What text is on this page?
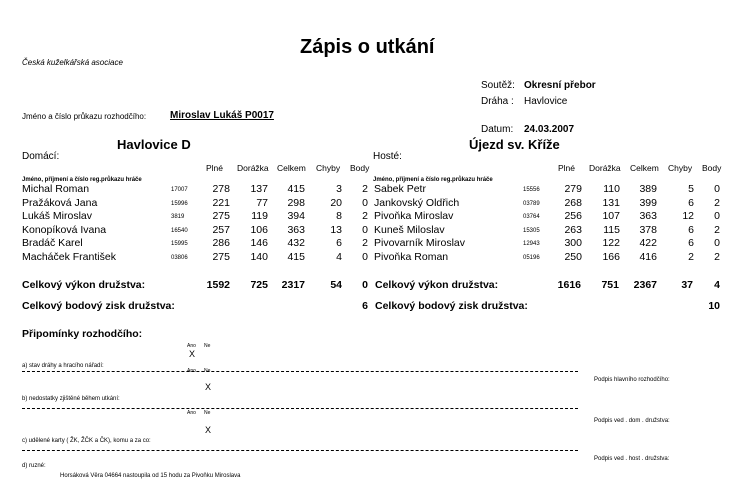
Zápis o utkání
Česká kuželkářská asociace
Soutěž: Okresní přebor
Dráha : Havlovice
Jméno a číslo průkazu rozhodčího: Miroslav Lukáš P0017
Datum: 24.03.2007
Havlovice D	Újezd sv. Kříže
Domácí:	Hosté:
Plné Dorážka Celkem Chyby Body	Plné Dorážka Celkem Chyby Body
Jméno, příjmení a číslo reg.průkazu hráče	Jméno, příjmení a číslo reg.průkazu hráče
Michal Roman	17007	278	137	415	3	2
Pražáková Jana	15996	221	77	298	20	0
Lukáš Miroslav	3819	275	119	394	8	2
Konopíková Ivana	16540	257	106	363	13	0
Bradáč Karel	15995	286	146	432	6	2
Macháček František	03806	275	140	415	4	0
Sabek Petr	15556	279	110	389	5	0
Jankovský Oldřich	03789	268	131	399	6	2
Pivoňka Miroslav	03764	256	107	363	12	0
Kuneš Miloslav	15305	263	115	378	6	2
Pivovarník Miroslav	12943	300	122	422	6	0
Pivoňka Roman	05196	250	166	416	2	2
Celkový výkon družstva:	1592	725	2317	54	0 Celkový výkon družstva:	1616	751	2367	37	4
Celkový bodový zisk družstva:	6 Celkový bodový zisk družstva:	10
Připomínky rozhodčího:
Ano Ne
X
a) stav dráhy a hracího nářadí:
Ano Ne
X
b) nedostatky zjištěné během utkání:
Podpis hlavního rozhodčího:
Ano Ne
X
c) udělené karty ( ŽK, ŽČK a ČK), komu a za co:
Podpis ved . dom . družstva:
d) ruzné:
Horsáková Věra 04664 nastoupila od 15 hodu za Pivoňku Miroslava
Podpis ved . host . družstva:
